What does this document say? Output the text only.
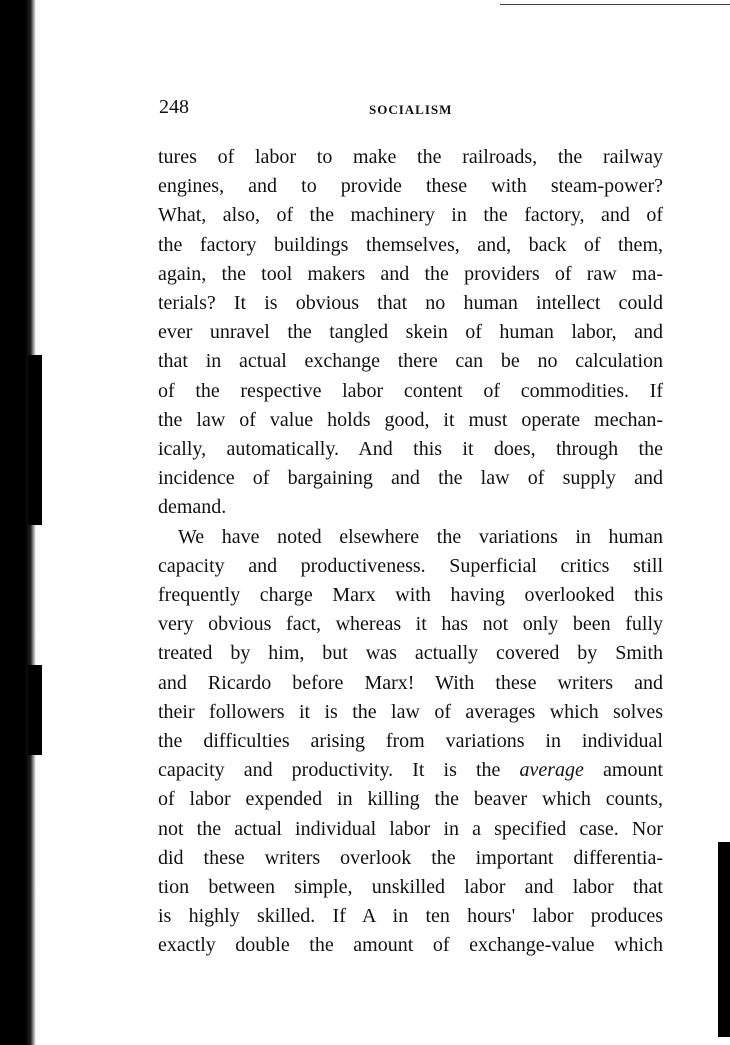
248	SOCIALISM
tures of labor to make the railroads, the railway
engines, and to provide these with steam-power?
What, also, of the machinery in the factory, and of
the factory buildings themselves, and, back of them,
again, the tool makers and the providers of raw ma-
terials? It is obvious that no human intellect could
ever unravel the tangled skein of human labor, and
that in actual exchange there can be no calculation
of the respective labor content of commodities. If
the law of value holds good, it must operate mechan-
ically, automatically. And this it does, through the
incidence of bargaining and the law of supply and
demand.
We have noted elsewhere the variations in human
capacity and productiveness. Superficial critics still
frequently charge Marx with having overlooked this
very obvious fact, whereas it has not only been fully
treated by him, but was actually covered by Smith
and Ricardo before Marx! With these writers and
their followers it is the law of averages which solves
the difficulties arising from variations in individual
capacity and productivity. It is the average amount
of labor expended in killing the beaver which counts,
not the actual individual labor in a specified case. Nor
did these writers overlook the important differentia-
tion between simple, unskilled labor and labor that
is highly skilled. If A in ten hours' labor produces
exactly double the amount of exchange-value which
